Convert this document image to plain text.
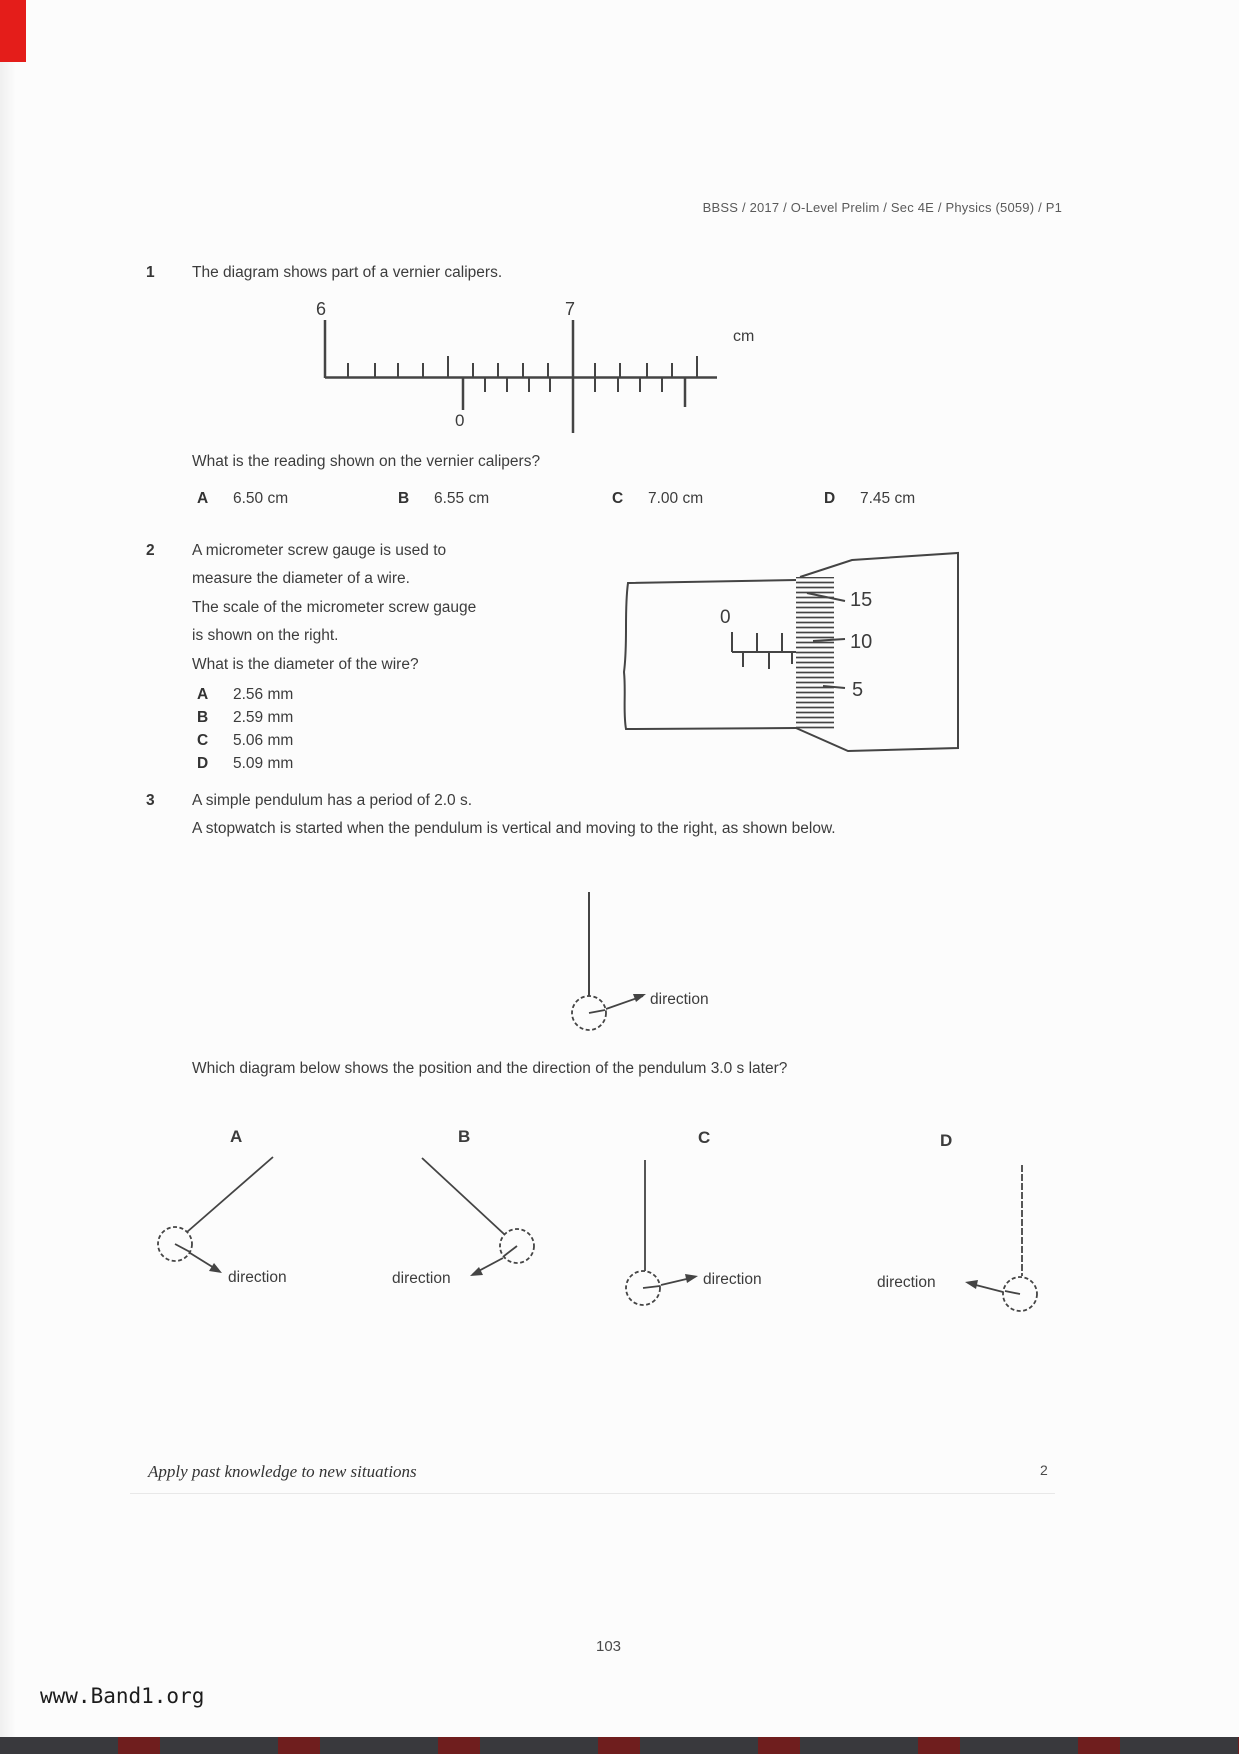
BBSS / 2017 / O-Level Prelim / Sec 4E / Physics (5059) / P1
1 The diagram shows part of a vernier calipers.
6	7
cm
0
What is the reading shown on the vernier calipers?
A 6.50 cm	B 6.55 cm	C 7.00 cm	D 7.45 cm
2 A micrometer screw gauge is used to
measure the diameter of a wire.
The scale of the micrometer screw gauge
is shown on the right.
What is the diameter of the wire?
A 2.56 mm
B 2.59 mm
C 5.06 mm
D 5.09 mm
0
15
10
5
3 A simple pendulum has a period of 2.0 s.
A stopwatch is started when the pendulum is vertical and moving to the right, as shown below.
direction
Which diagram below shows the position and the direction of the pendulum 3.0 s later?
A
direction
B
direction
C
direction
D
direction
Apply past knowledge to new situations	2
103
www.Band1.org
